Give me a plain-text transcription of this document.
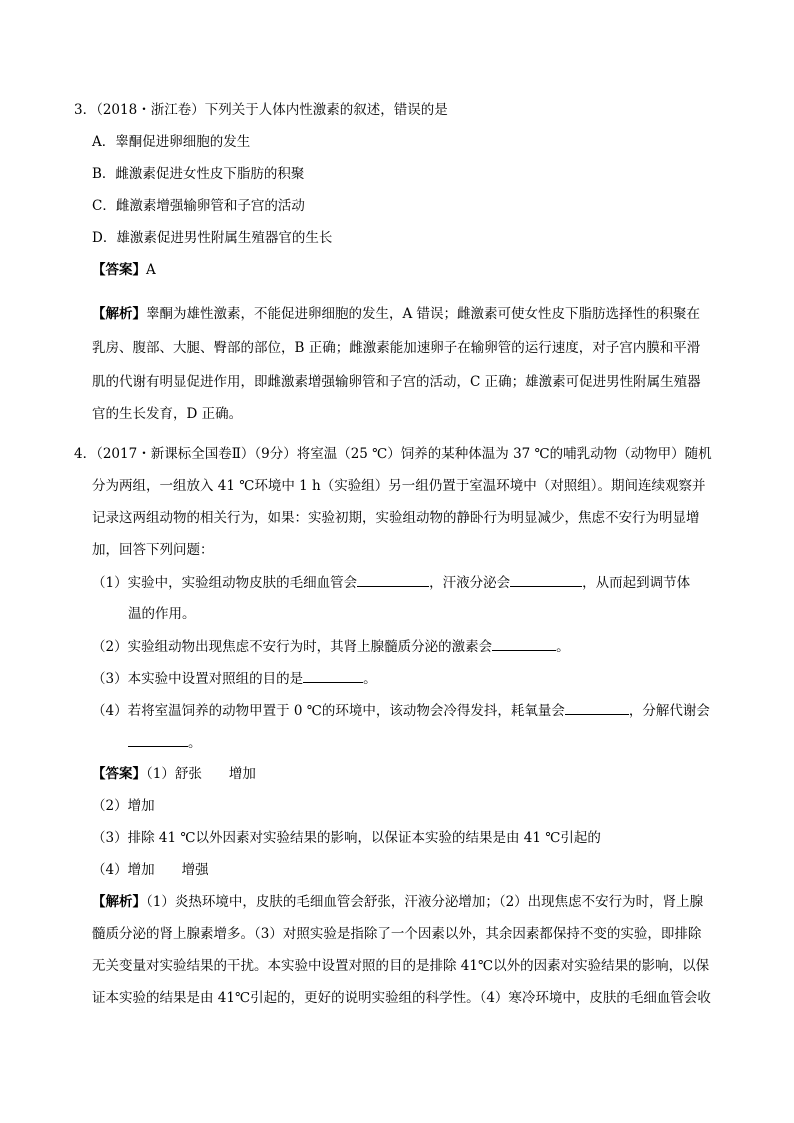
3．（2018・浙江卷）下列关于人体内性激素的叙述，错误的是
A．睾酮促进卵细胞的发生
B．雌激素促进女性皮下脂肪的积聚
C．雌激素增强输卵管和子宫的活动
D．雄激素促进男性附属生殖器官的生长
【答案】A
【解析】睾酮为雄性激素，不能促进卵细胞的发生，A 错误；雌激素可使女性皮下脂肪选择性的积聚在
乳房、腹部、大腿、臀部的部位，B 正确；雌激素能加速卵子在输卵管的运行速度，对子宫内膜和平滑
肌的代谢有明显促进作用，即雌激素增强输卵管和子宫的活动，C 正确；雄激素可促进男性附属生殖器
官的生长发育，D 正确。
4．（2017・新课标全国卷Ⅱ）（9分）将室温（25 ℃）饲养的某种体温为 37 ℃的哺乳动物（动物甲）随机
分为两组，一组放入 41 ℃环境中 1 h（实验组）另一组仍置于室温环境中（对照组）。期间连续观察并
记录这两组动物的相关行为，如果：实验初期，实验组动物的静卧行为明显减少，焦虑不安行为明显增
加，回答下列问题：
（1）实验中，实验组动物皮肤的毛细血管会	，汗液分泌会	，从而起到调节体
温的作用。
（2）实验组动物出现焦虑不安行为时，其肾上腺髓质分泌的激素会	。
（3）本实验中设置对照组的目的是	。
（4）若将室温饲养的动物甲置于 0 ℃的环境中，该动物会冷得发抖，耗氧量会	，分解代谢会
。
【答案】（1）舒张　　增加
（2）增加
（3）排除 41 ℃以外因素对实验结果的影响，以保证本实验的结果是由 41 ℃引起的
（4）增加　　增强
【解析】（1）炎热环境中，皮肤的毛细血管会舒张，汗液分泌增加；（2）出现焦虑不安行为时，肾上腺
髓质分泌的肾上腺素增多。（3）对照实验是指除了一个因素以外，其余因素都保持不变的实验，即排除
无关变量对实验结果的干扰。本实验中设置对照的目的是排除 41℃以外的因素对实验结果的影响，以保
证本实验的结果是由 41℃引起的，更好的说明实验组的科学性。（4）寒冷环境中，皮肤的毛细血管会收
